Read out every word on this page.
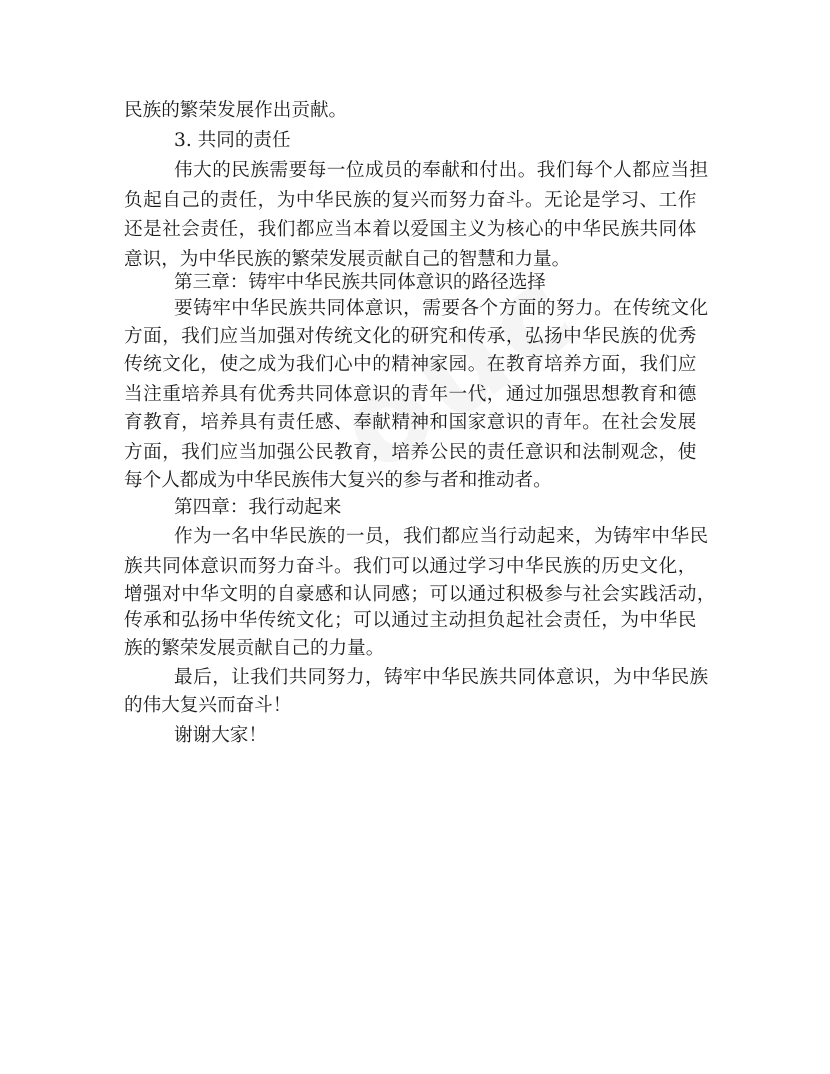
民族的繁荣发展作出贡献。
3. 共同的责任
伟大的民族需要每一位成员的奉献和付出。我们每个人都应当担
负起自己的责任，为中华民族的复兴而努力奋斗。无论是学习、工作
还是社会责任，我们都应当本着以爱国主义为核心的中华民族共同体
意识，为中华民族的繁荣发展贡献自己的智慧和力量。
第三章：铸牢中华民族共同体意识的路径选择
要铸牢中华民族共同体意识，需要各个方面的努力。在传统文化
方面，我们应当加强对传统文化的研究和传承，弘扬中华民族的优秀
传统文化，使之成为我们心中的精神家园。在教育培养方面，我们应
当注重培养具有优秀共同体意识的青年一代，通过加强思想教育和德
育教育，培养具有责任感、奉献精神和国家意识的青年。在社会发展
方面，我们应当加强公民教育，培养公民的责任意识和法制观念，使
每个人都成为中华民族伟大复兴的参与者和推动者。
第四章：我行动起来
作为一名中华民族的一员，我们都应当行动起来，为铸牢中华民
族共同体意识而努力奋斗。我们可以通过学习中华民族的历史文化，
增强对中华文明的自豪感和认同感；可以通过积极参与社会实践活动，
传承和弘扬中华传统文化；可以通过主动担负起社会责任，为中华民
族的繁荣发展贡献自己的力量。
最后，让我们共同努力，铸牢中华民族共同体意识，为中华民族
的伟大复兴而奋斗！
谢谢大家！
